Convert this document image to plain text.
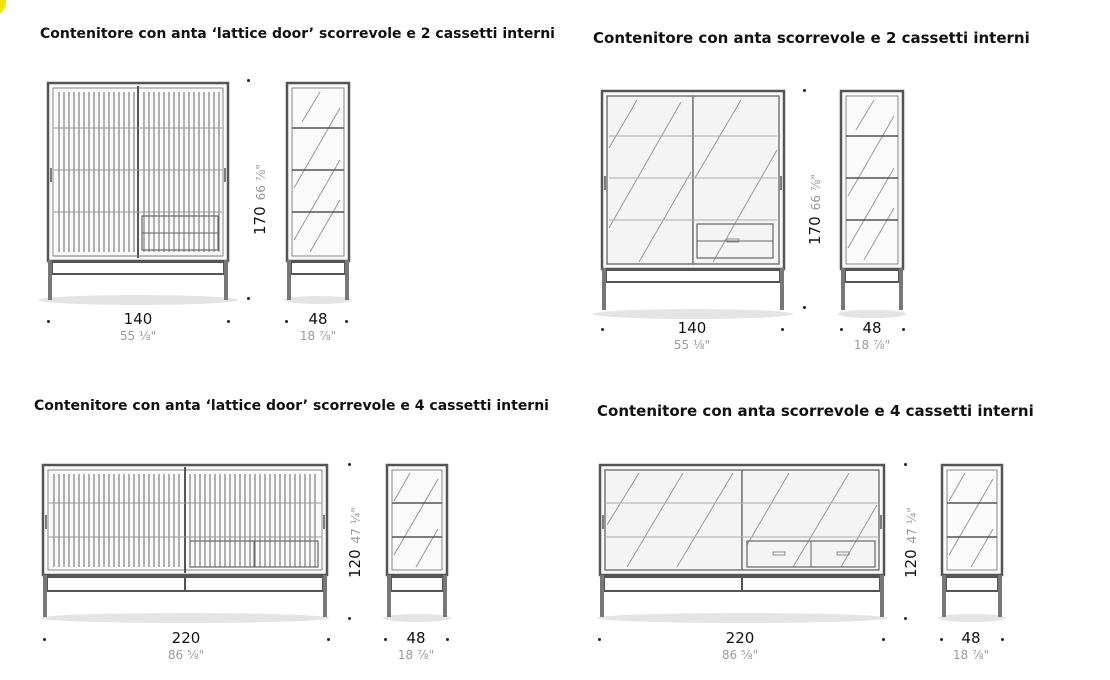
Contenitore con anta ‘lattice door’ scorrevole e 2 cassetti interni
17066 ⅞"
140
55 ⅛"
48
18 ⅞"
Contenitore con anta scorrevole e 2 cassetti interni
17066 ⅞"
140
55 ⅛"
48
18 ⅞"
Contenitore con anta ‘lattice door’ scorrevole e 4 cassetti interni
12047 ¼"
220
86 ⅝"
48
18 ⅞"
Contenitore con anta scorrevole e 4 cassetti interni
12047 ¼"
220
86 ⅝"
48
18 ⅞"
